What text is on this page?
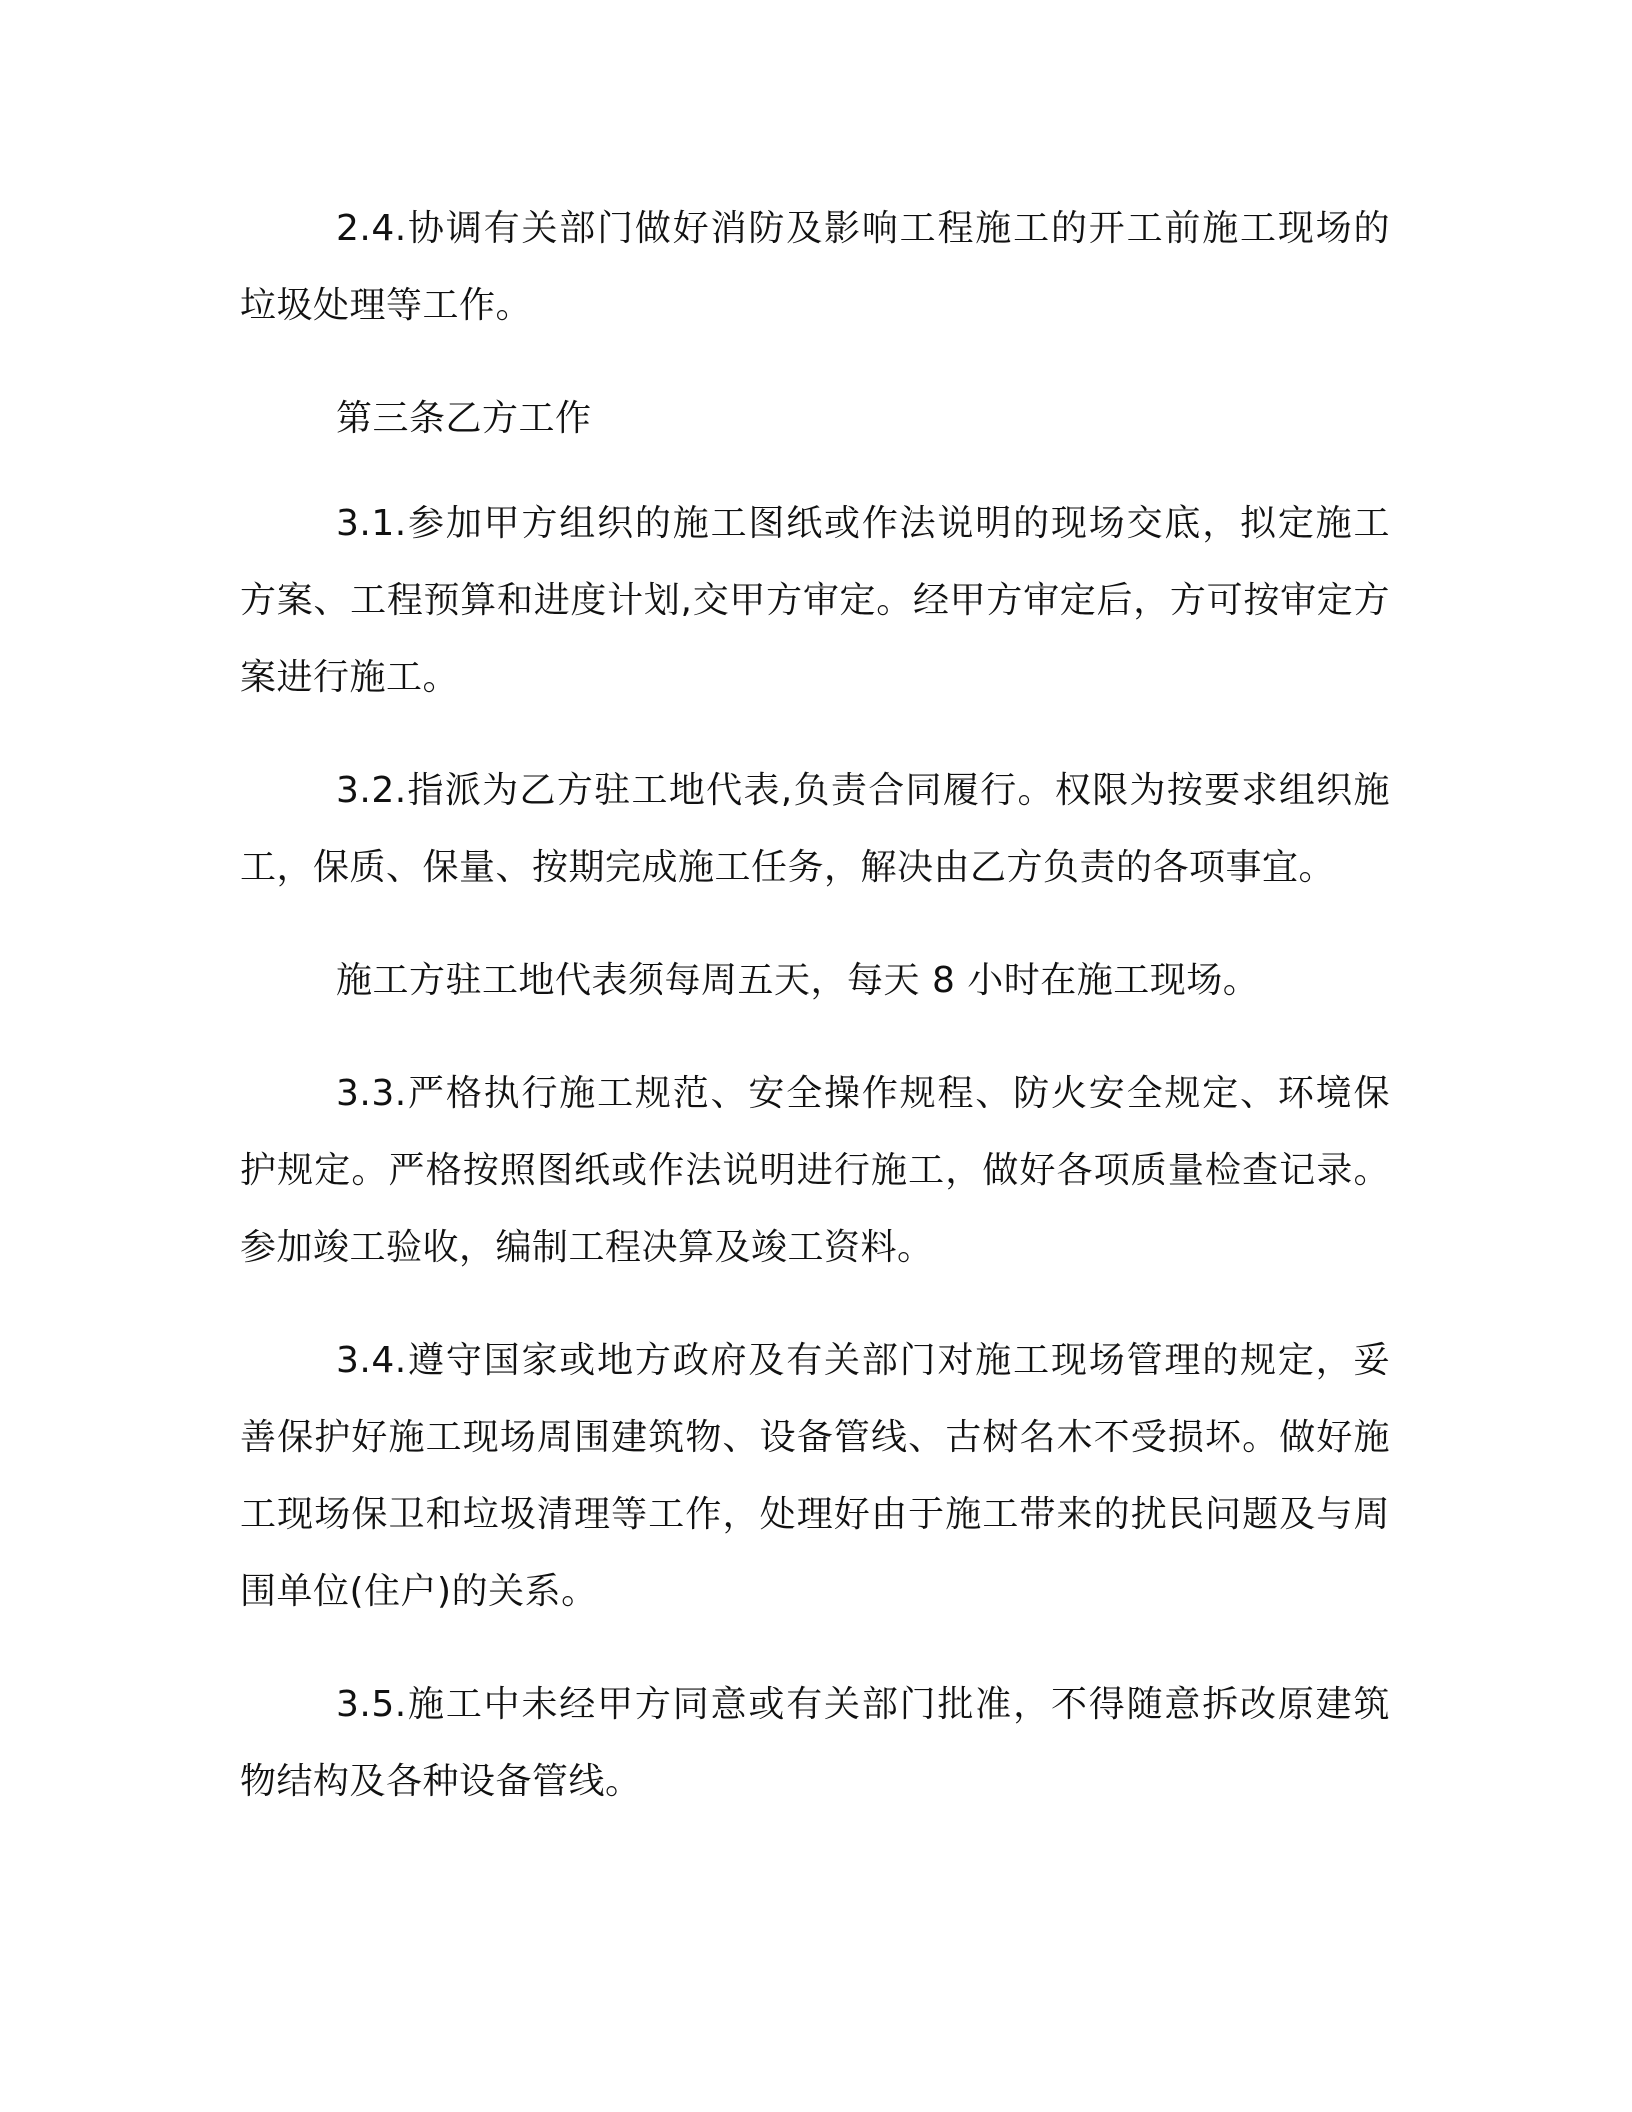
2.4.协调有关部门做好消防及影响工程施工的开工前施工现场的垃圾处理等工作。

第三条乙方工作

3.1.参加甲方组织的施工图纸或作法说明的现场交底，拟定施工方案、工程预算和进度计划,交甲方审定。经甲方审定后，方可按审定方案进行施工。

3.2.指派为乙方驻工地代表,负责合同履行。权限为按要求组织施工，保质、保量、按期完成施工任务，解决由乙方负责的各项事宜。

施工方驻工地代表须每周五天，每天 8 小时在施工现场。

3.3.严格执行施工规范、安全操作规程、防火安全规定、环境保护规定。严格按照图纸或作法说明进行施工，做好各项质量检查记录。参加竣工验收，编制工程决算及竣工资料。

3.4.遵守国家或地方政府及有关部门对施工现场管理的规定，妥善保护好施工现场周围建筑物、设备管线、古树名木不受损坏。做好施工现场保卫和垃圾清理等工作，处理好由于施工带来的扰民问题及与周围单位(住户)的关系。

3.5.施工中未经甲方同意或有关部门批准，不得随意拆改原建筑物结构及各种设备管线。
